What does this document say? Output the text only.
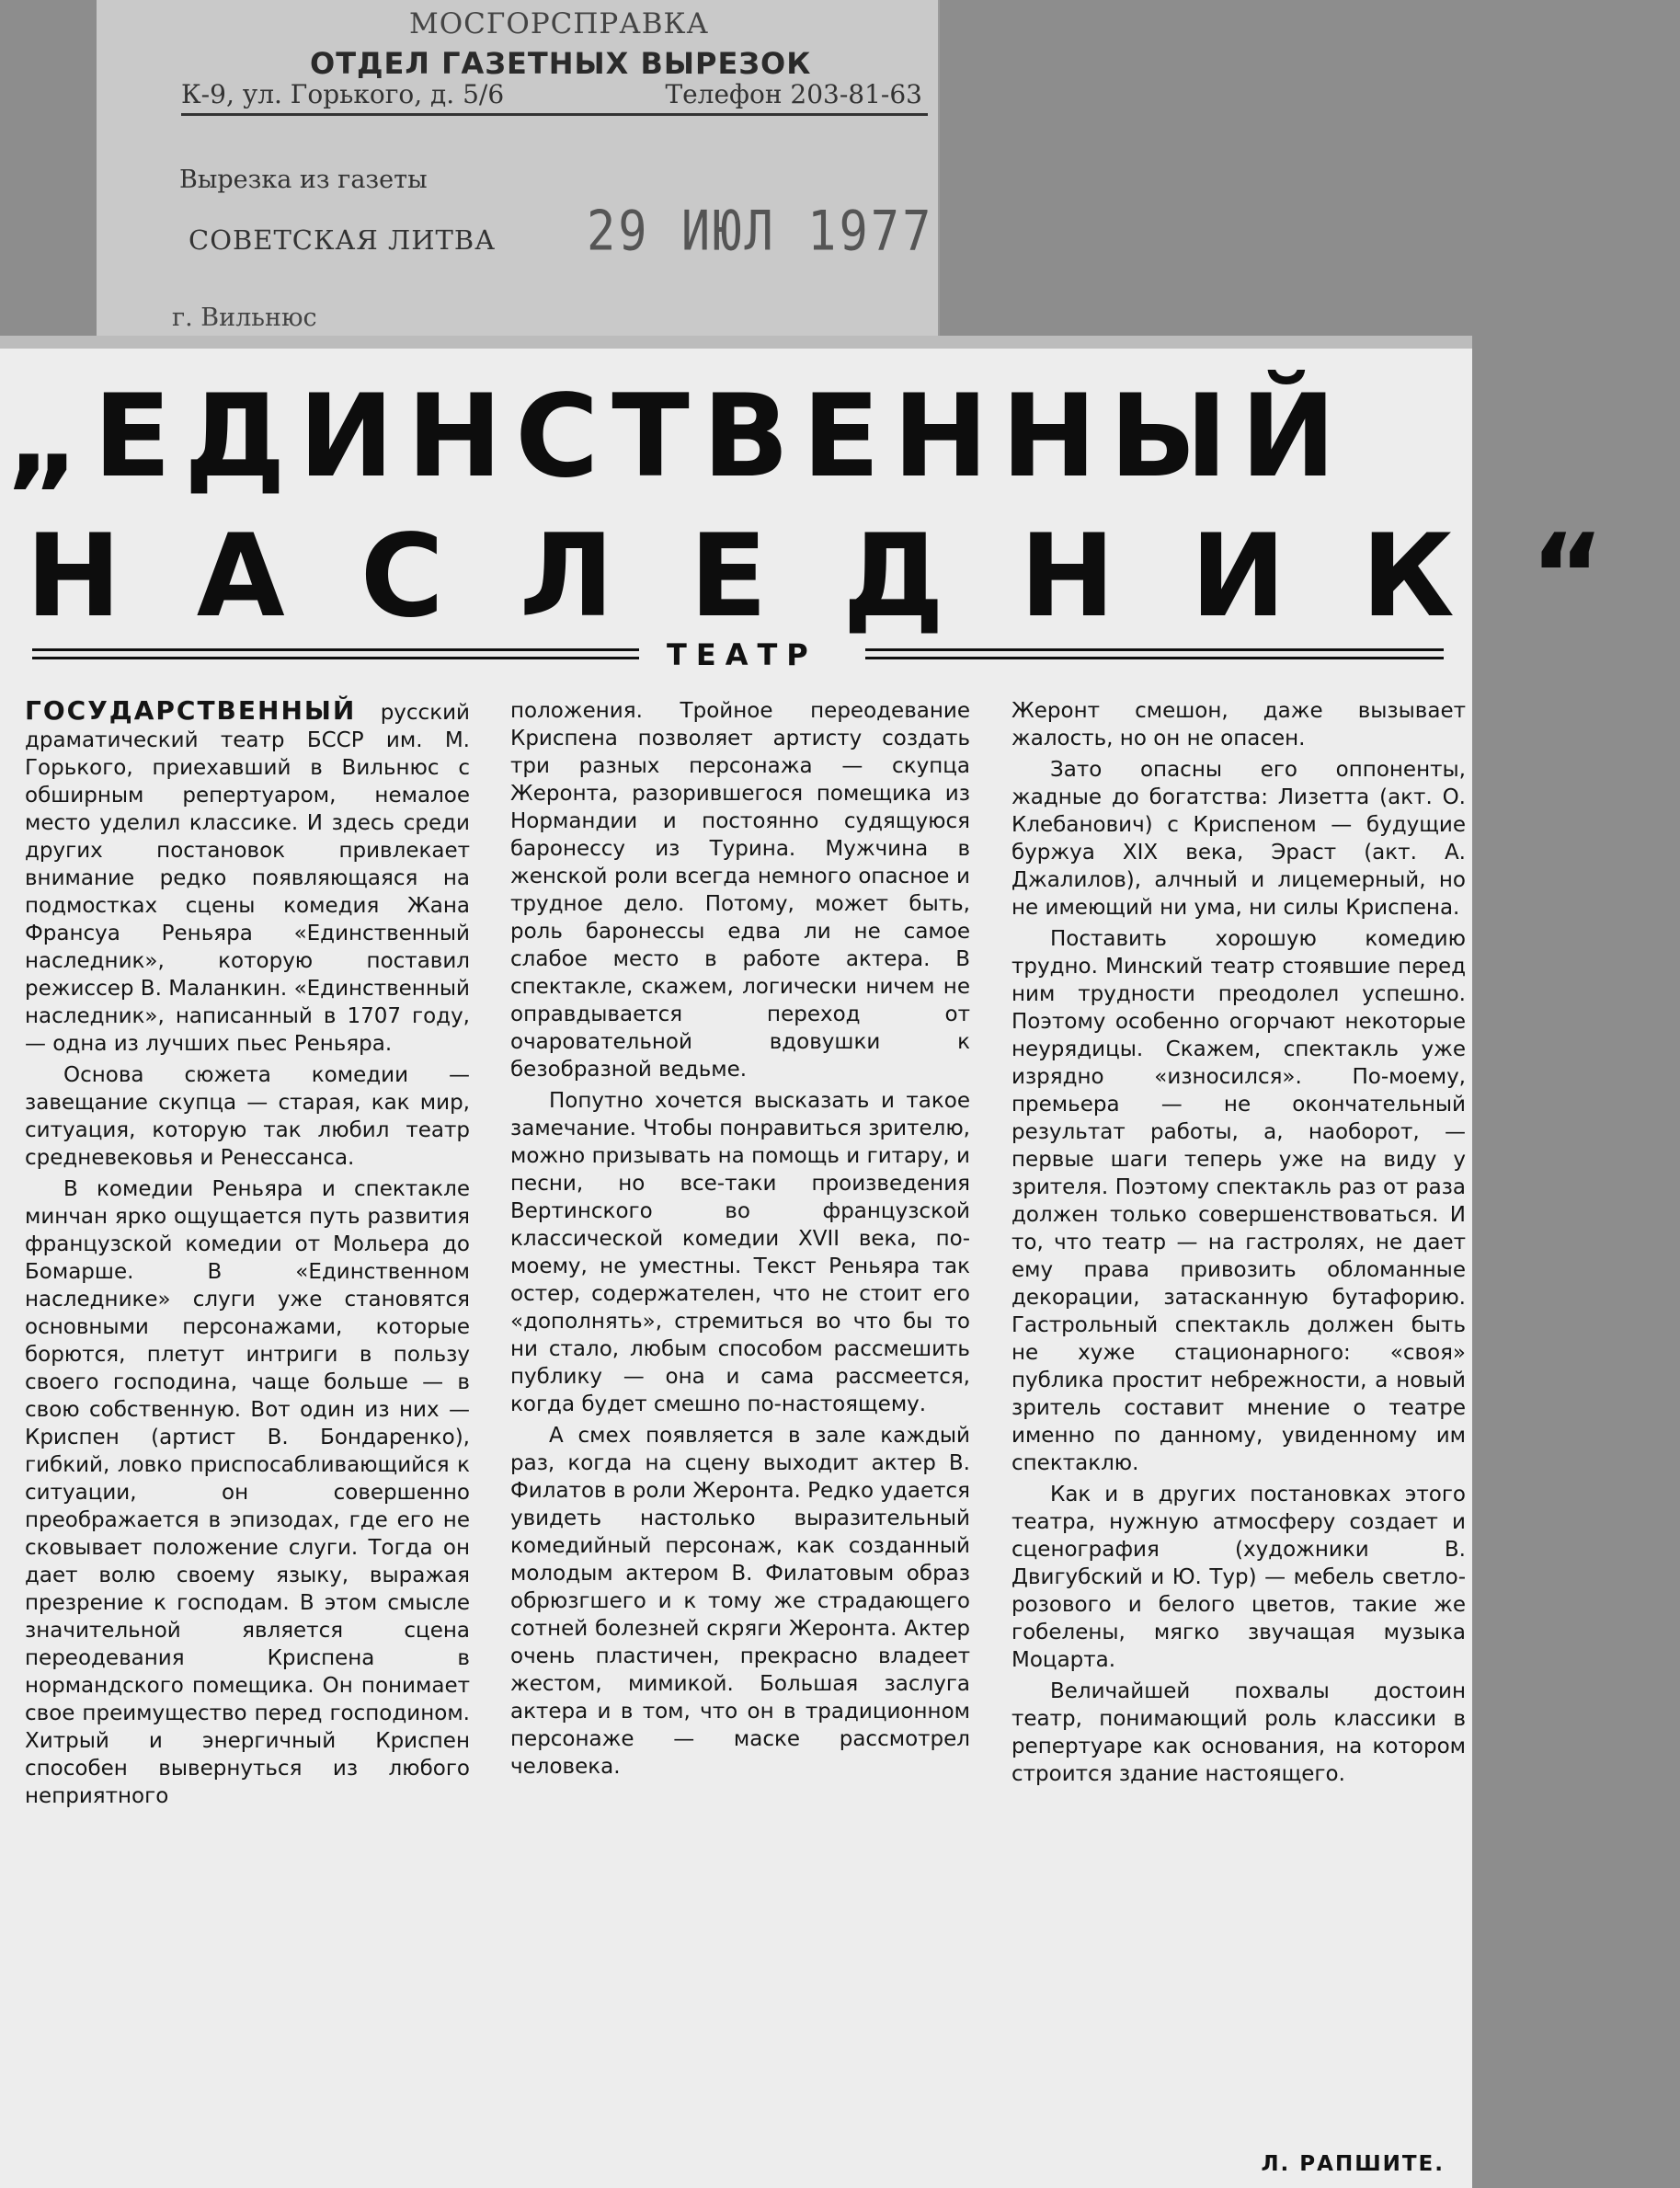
МОСГОРСПРАВКА
ОТДЕЛ ГАЗЕТНЫХ ВЫРЕЗОК
К-9, ул. Горького, д. 5/6	Телефон 203-81-63
Вырезка из газеты
СОВЕТСКАЯ ЛИТВА 29 ИЮЛ 1977
г. Вильнюс
„ЕДИНСТВЕННЫЙ
НАСЛЕДНИК“
ТЕАТР

ГОСУДАРСТВЕННЫЙ русский драматический театр БССР им. М. Горького, приехавший в Вильнюс с обширным репертуаром, немалое место уделил классике. И здесь среди других постановок привлекает внимание редко появляющаяся на подмостках сцены комедия Жана Франсуа Реньяра «Единственный наследник», которую поставил режиссер В. Маланкин. «Единственный наследник», написанный в 1707 году, — одна из лучших пьес Реньяра.

Основа сюжета комедии — завещание скупца — старая, как мир, ситуация, которую так любил театр средневековья и Ренессанса.

В комедии Реньяра и спектакле минчан ярко ощущается путь развития французской комедии от Мольера до Бомарше. В «Единственном наследнике» слуги уже становятся основными персонажами, которые борются, плетут интриги в пользу своего господина, чаще больше — в свою собственную. Вот один из них — Криспен (артист В. Бондаренко), гибкий, ловко приспосабливающийся к ситуации, он совершенно преображается в эпизодах, где его не сковывает положение слуги. Тогда он дает волю своему языку, выражая презрение к господам. В этом смысле значительной является сцена переодевания Криспена в нормандского помещика. Он понимает свое преимущество перед господином. Хитрый и энергичный Криспен способен вывернуться из любого неприятного

положения. Тройное переодевание Криспена позволяет артисту создать три разных персонажа — скупца Жеронта, разорившегося помещика из Нормандии и постоянно судящуюся баронессу из Турина. Мужчина в женской роли всегда немного опасное и трудное дело. Потому, может быть, роль баронессы едва ли не самое слабое место в работе актера. В спектакле, скажем, логически ничем не оправдывается переход от очаровательной вдовушки к безобразной ведьме.

Попутно хочется высказать и такое замечание. Чтобы понравиться зрителю, можно призывать на помощь и гитару, и песни, но все-таки произведения Вертинского во французской классической комедии XVII века, по-моему, не уместны. Текст Реньяра так остер, содержателен, что не стоит его «дополнять», стремиться во что бы то ни стало, любым способом рассмешить публику — она и сама рассмеется, когда будет смешно по-настоящему.

А смех появляется в зале каждый раз, когда на сцену выходит актер В. Филатов в роли Жеронта. Редко удается увидеть настолько выразительный комедийный персонаж, как созданный молодым актером В. Филатовым образ обрюзгшего и к тому же страдающего сотней болезней скряги Жеронта. Актер очень пластичен, прекрасно владеет жестом, мимикой. Большая заслуга актера и в том, что он в традиционном персонаже — маске рассмотрел человека.

Жеронт смешон, даже вызывает жалость, но он не опасен.

Зато опасны его оппоненты, жадные до богатства: Лизетта (акт. О. Клебанович) с Криспеном — будущие буржуа XIX века, Эраст (акт. А. Джалилов), алчный и лицемерный, но не имеющий ни ума, ни силы Криспена.

Поставить хорошую комедию трудно. Минский театр стоявшие перед ним трудности преодолел успешно. Поэтому особенно огорчают некоторые неурядицы. Скажем, спектакль уже изрядно «износился». По-моему, премьера — не окончательный результат работы, а, наоборот, — первые шаги теперь уже на виду у зрителя. Поэтому спектакль раз от раза должен только совершенствоваться. И то, что театр — на гастролях, не дает ему права привозить обломанные декорации, затасканную бутафорию. Гастрольный спектакль должен быть не хуже стационарного: «своя» публика простит небрежности, а новый зритель составит мнение о театре именно по данному, увиденному им спектаклю.

Как и в других постановках этого театра, нужную атмосферу создает и сценография (художники В. Двигубский и Ю. Тур) — мебель светло-розового и белого цветов, такие же гобелены, мягко звучащая музыка Моцарта.

Величайшей похвалы достоин театр, понимающий роль классики в репертуаре как основания, на котором строится здание настоящего.

Л. РАПШИТЕ.
